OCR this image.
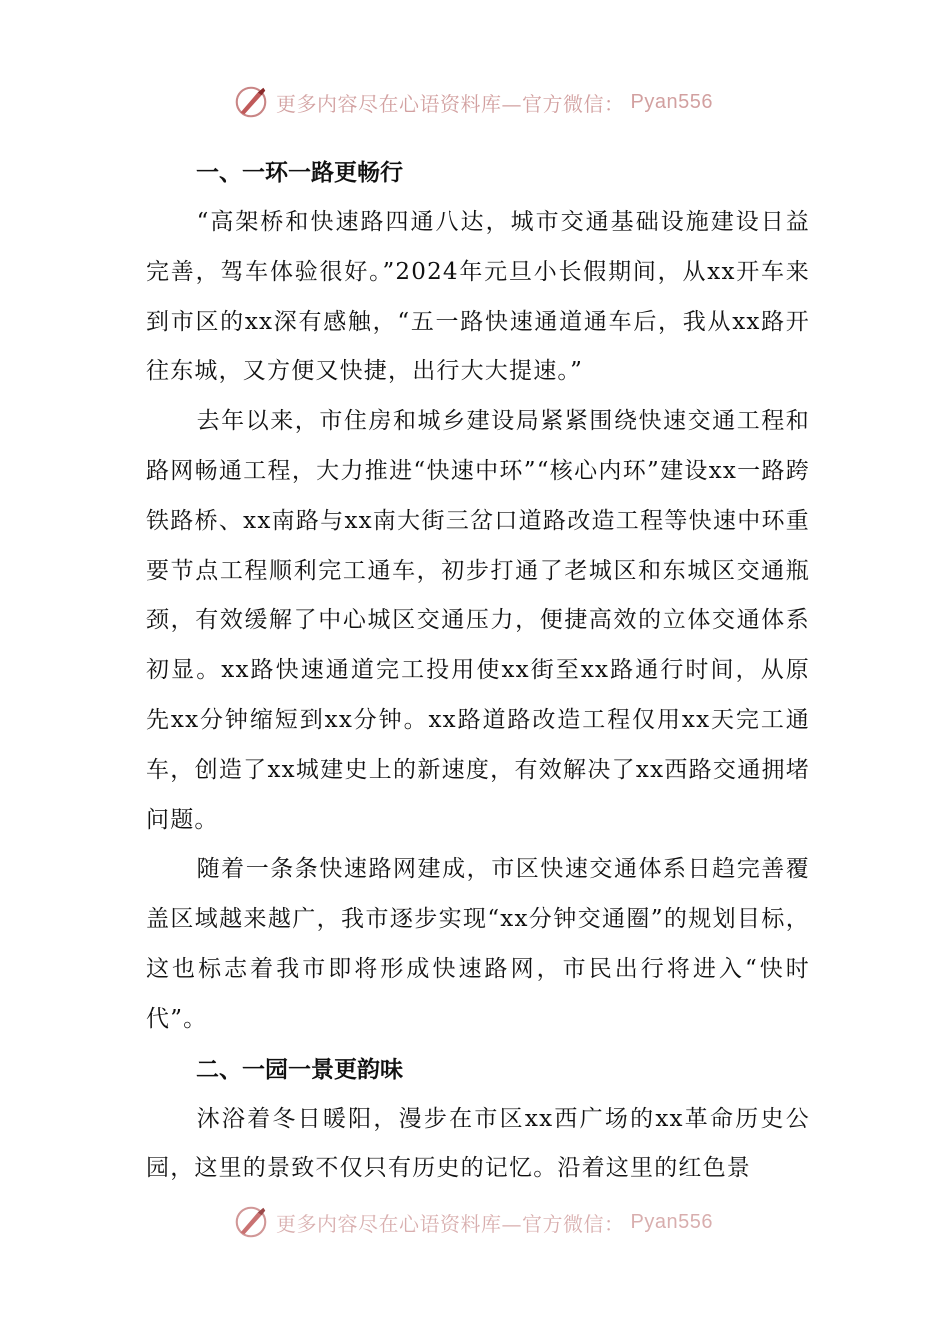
更多内容尽在心语资料库—官方微信： Pyan556
一、一环一路更畅行

“高架桥和快速路四通八达，城市交通基础设施建设日益完善，驾车体验很好。”2024年元旦小长假期间，从xx开车来到市区的xx深有感触，“五一路快速通道通车后，我从xx路开往东城，又方便又快捷，出行大大提速。”

去年以来，市住房和城乡建设局紧紧围绕快速交通工程和路网畅通工程，大力推进“快速中环”“核心内环”建设xx一路跨铁路桥、xx南路与xx南大街三岔口道路改造工程等快速中环重要节点工程顺利完工通车，初步打通了老城区和东城区交通瓶颈，有效缓解了中心城区交通压力，便捷高效的立体交通体系初显。xx路快速通道完工投用使xx街至xx路通行时间，从原先xx分钟缩短到xx分钟。xx路道路改造工程仅用xx天完工通车，创造了xx城建史上的新速度，有效解决了xx西路交通拥堵问题。

随着一条条快速路网建成，市区快速交通体系日趋完善覆盖区域越来越广，我市逐步实现“xx分钟交通圈”的规划目标，这也标志着我市即将形成快速路网，市民出行将进入“快时代”。

二、一园一景更韵味

沐浴着冬日暖阳，漫步在市区xx西广场的xx革命历史公园，这里的景致不仅只有历史的记忆。沿着这里的红色景

更多内容尽在心语资料库—官方微信： Pyan556
